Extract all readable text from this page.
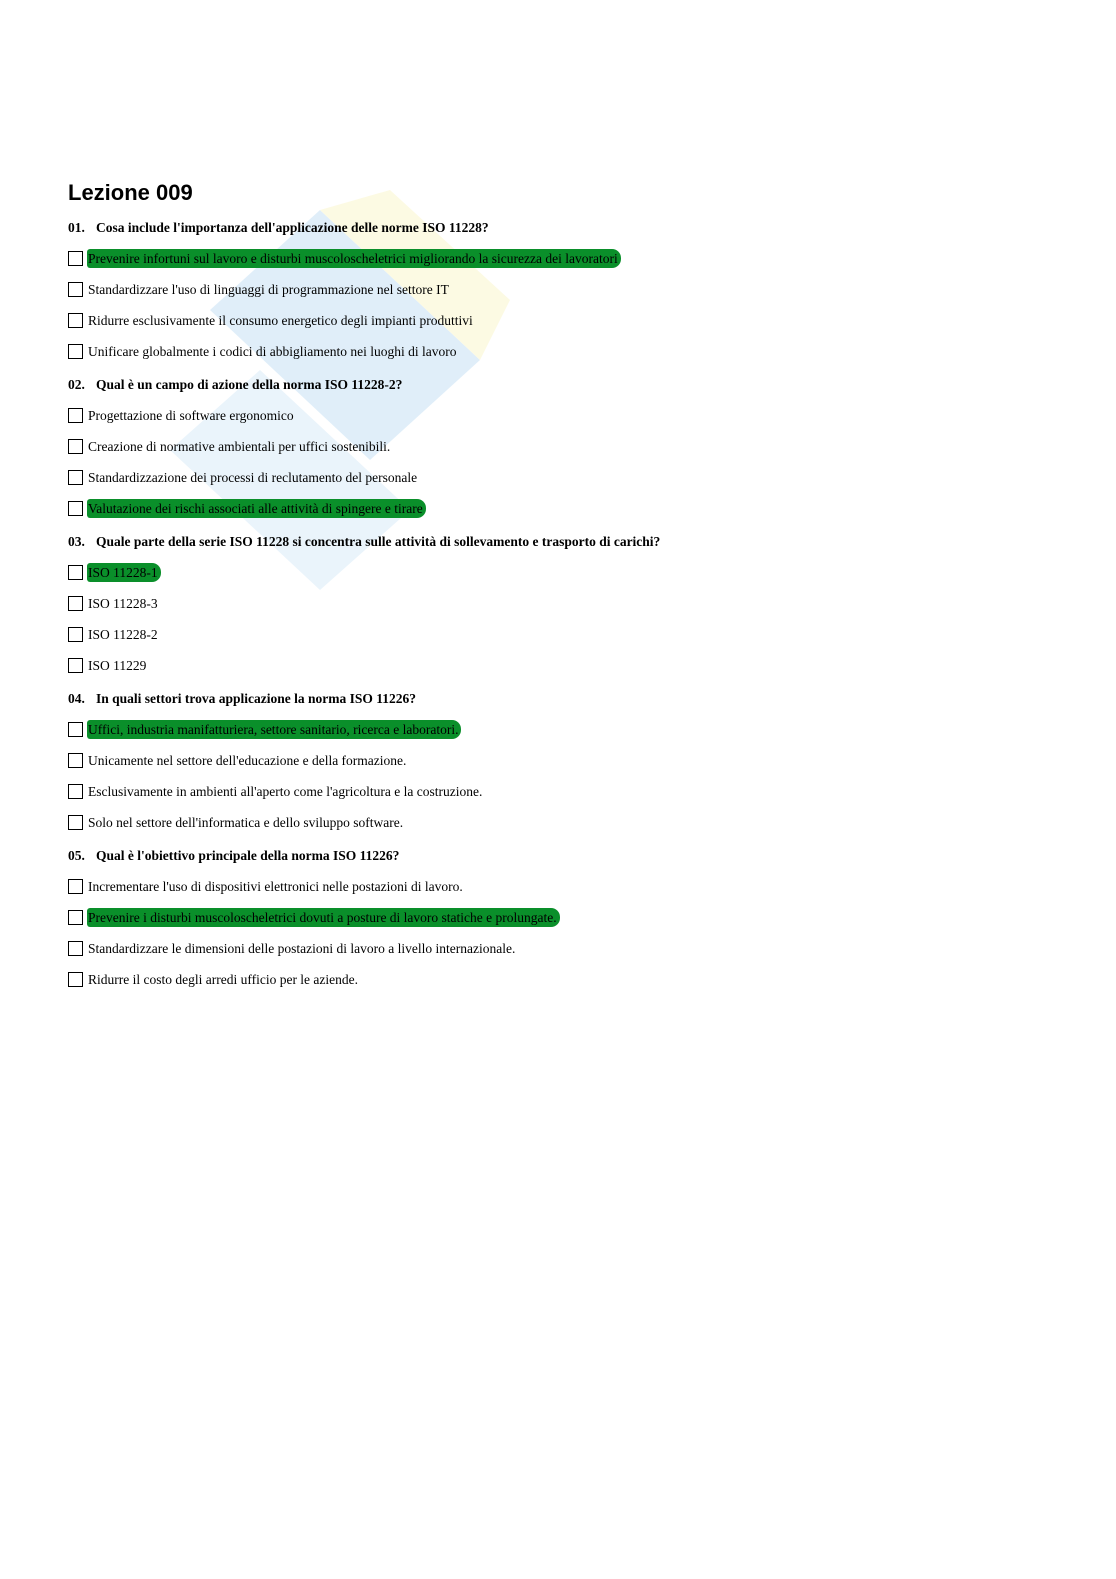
Lezione 009
01. Cosa include l'importanza dell'applicazione delle norme ISO 11228?
Prevenire infortuni sul lavoro e disturbi muscoloscheletrici migliorando la sicurezza dei lavoratori
Standardizzare l'uso di linguaggi di programmazione nel settore IT
Ridurre esclusivamente il consumo energetico degli impianti produttivi
Unificare globalmente i codici di abbigliamento nei luoghi di lavoro
02. Qual è un campo di azione della norma ISO 11228-2?
Progettazione di software ergonomico
Creazione di normative ambientali per uffici sostenibili.
Standardizzazione dei processi di reclutamento del personale
Valutazione dei rischi associati alle attività di spingere e tirare
03. Quale parte della serie ISO 11228 si concentra sulle attività di sollevamento e trasporto di carichi?
ISO 11228-1
ISO 11228-3
ISO 11228-2
ISO 11229
04. In quali settori trova applicazione la norma ISO 11226?
Uffici, industria manifatturiera, settore sanitario, ricerca e laboratori.
Unicamente nel settore dell'educazione e della formazione.
Esclusivamente in ambienti all'aperto come l'agricoltura e la costruzione.
Solo nel settore dell'informatica e dello sviluppo software.
05. Qual è l'obiettivo principale della norma ISO 11226?
Incrementare l'uso di dispositivi elettronici nelle postazioni di lavoro.
Prevenire i disturbi muscoloscheletrici dovuti a posture di lavoro statiche e prolungate.
Standardizzare le dimensioni delle postazioni di lavoro a livello internazionale.
Ridurre il costo degli arredi ufficio per le aziende.
